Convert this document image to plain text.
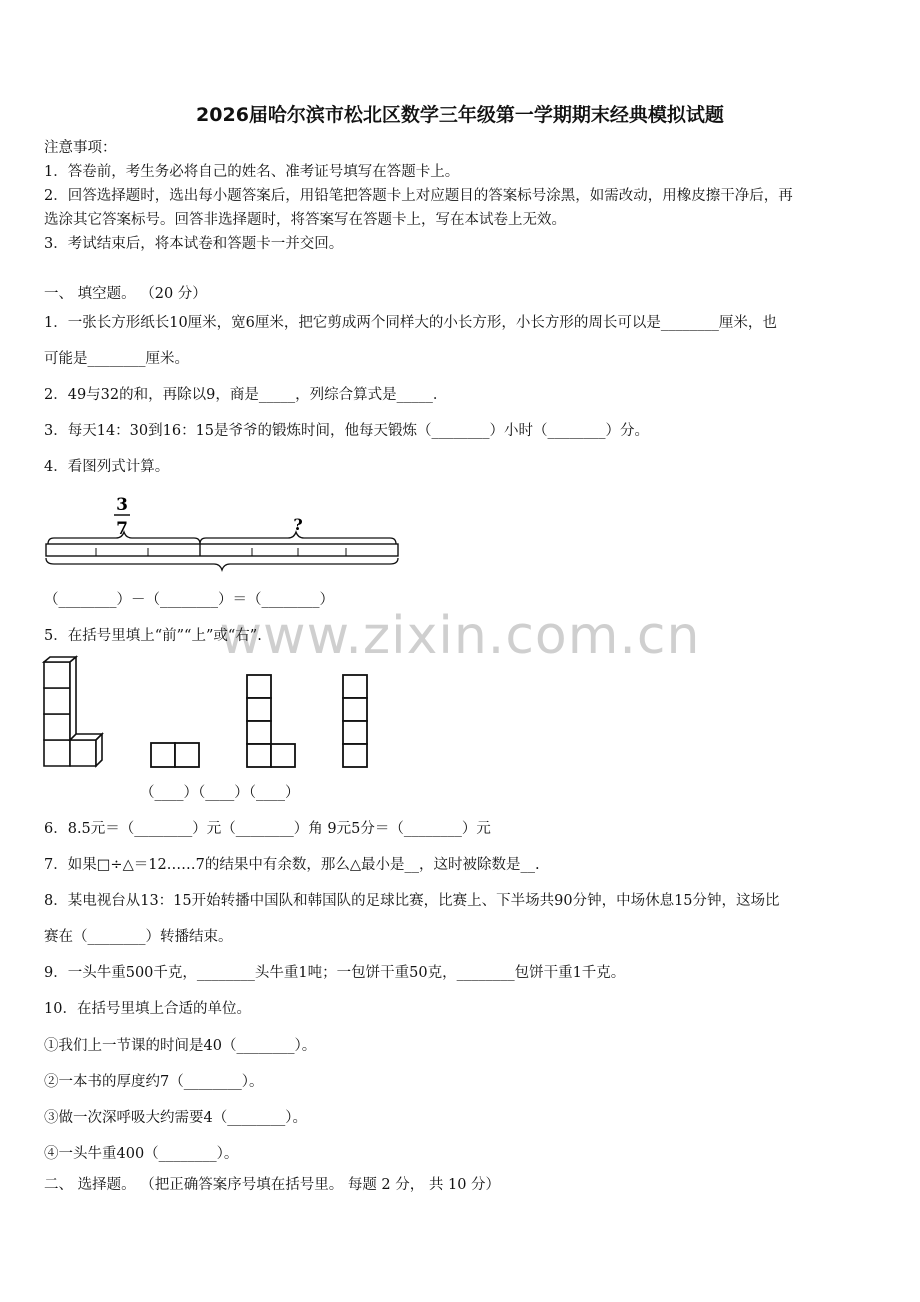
www.zixin.com.cn
2026届哈尔滨市松北区数学三年级第一学期期末经典模拟试题
注意事项：
1．答卷前，考生务必将自己的姓名、准考证号填写在答题卡上。
2．回答选择题时，选出每小题答案后，用铅笔把答题卡上对应题目的答案标号涂黑，如需改动，用橡皮擦干净后，再
选涂其它答案标号。回答非选择题时，将答案写在答题卡上，写在本试卷上无效。
3．考试结束后，将本试卷和答题卡一并交回。
一、 填空题。 （20 分）
1．一张长方形纸长10厘米，宽6厘米，把它剪成两个同样大的小长方形，小长方形的周长可以是________厘米，也
可能是________厘米。
2．49与32的和，再除以9，商是_____，列综合算式是_____．
3．每天14：30到16：15是爷爷的锻炼时间，他每天锻炼（________）小时（________）分。
4．看图列式计算。
3
7	?
（________）－（________）＝（________）
5．在括号里填上“前”“上”或“右”.
（____）（____）（____）
6．8.5元＝（________）元（________）角 9元5分＝（________）元
7．如果□÷△＝12……7的结果中有余数，那么△最小是__，这时被除数是__.
8．某电视台从13：15开始转播中国队和韩国队的足球比赛，比赛上、下半场共90分钟，中场休息15分钟，这场比
赛在（________）转播结束。
9．一头牛重500千克，________头牛重1吨；一包饼干重50克，________包饼干重1千克。
10．在括号里填上合适的单位。
①我们上一节课的时间是40（________）。
②一本书的厚度约7（________）。
③做一次深呼吸大约需要4（________）。
④一头牛重400（________）。
二、 选择题。 （把正确答案序号填在括号里。 每题 2 分， 共 10 分）
